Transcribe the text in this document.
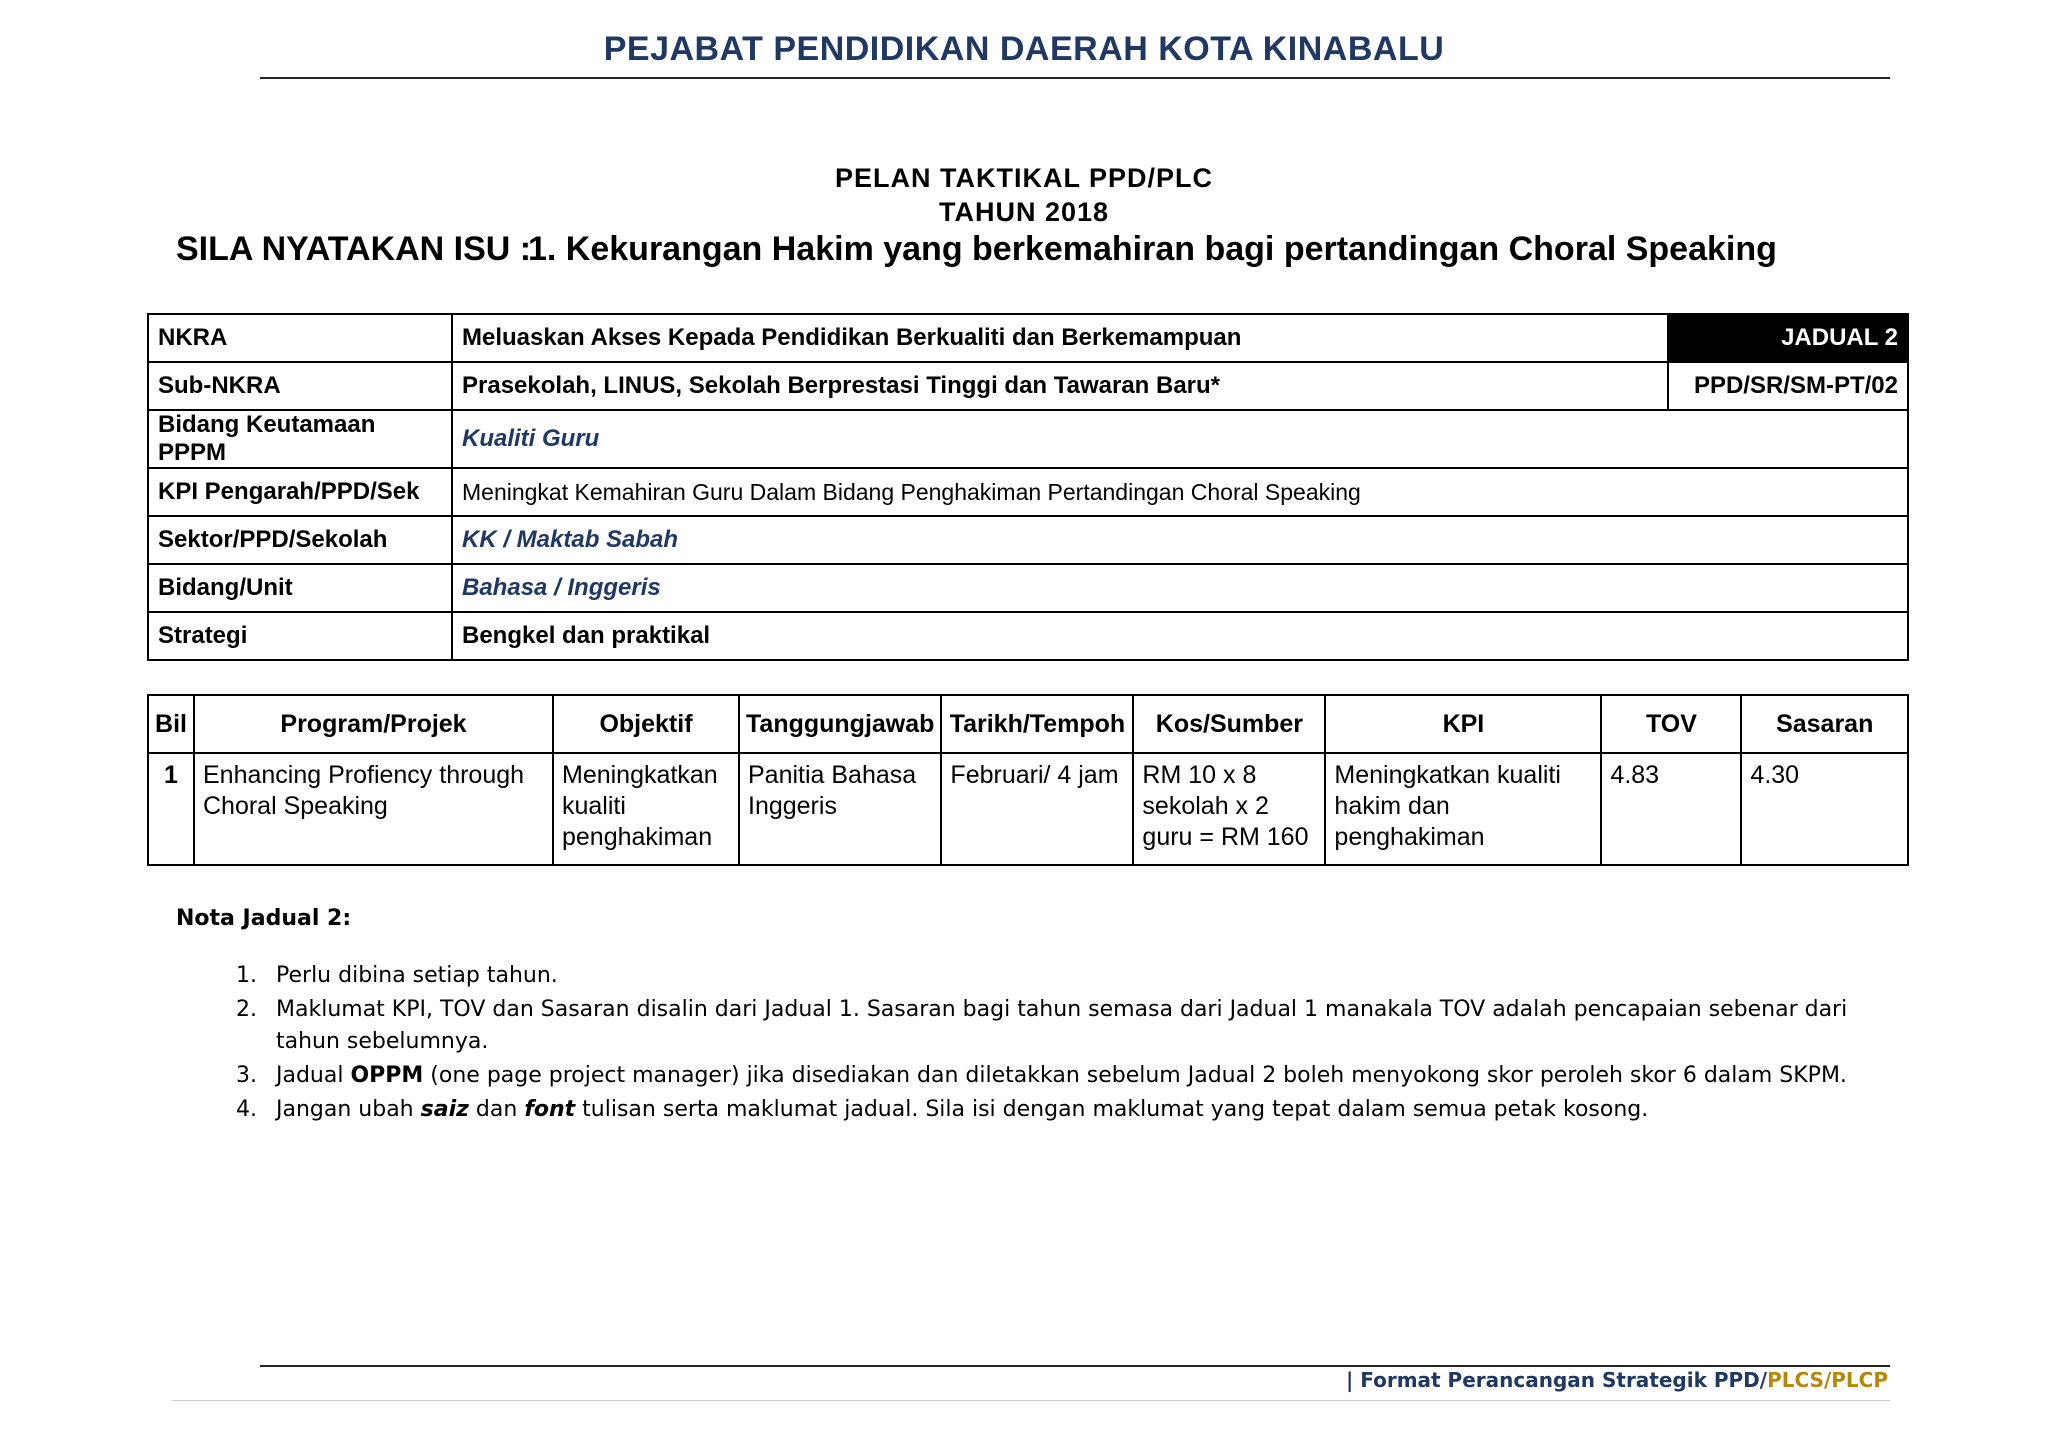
PEJABAT PENDIDIKAN DAERAH KOTA KINABALU
PELAN TAKTIKAL PPD/PLC
TAHUN 2018
SILA NYATAKAN ISU :
1. Kekurangan Hakim yang berkemahiran bagi pertandingan Choral Speaking
NKRA	Meluaskan Akses Kepada Pendidikan Berkualiti dan Berkemampuan	JADUAL 2
Sub-NKRA	Prasekolah, LINUS, Sekolah Berprestasi Tinggi dan Tawaran Baru*	PPD/SR/SM-PT/02
Bidang Keutamaan PPPM	Kualiti Guru	
KPI Pengarah/PPD/Sek	Meningkat Kemahiran Guru Dalam Bidang Penghakiman Pertandingan Choral Speaking	
Sektor/PPD/Sekolah	KK / Maktab Sabah	
Bidang/Unit	Bahasa / Inggeris	
Strategi	Bengkel dan praktikal	
Bil	Program/Projek	Objektif	Tanggungjawab	Tarikh/Tempoh	Kos/Sumber	KPI	TOV	Sasaran
1	Enhancing Profiency through Choral Speaking	Meningkatkan kualiti penghakiman	Panitia Bahasa Inggeris	Februari/ 4 jam	RM 10 x 8 sekolah x 2 guru = RM 160	Meningkatkan kualiti hakim dan penghakiman	4.83	4.30
Nota Jadual 2:
1. Perlu dibina setiap tahun.
2. Maklumat KPI, TOV dan Sasaran disalin dari Jadual 1. Sasaran bagi tahun semasa dari Jadual 1 manakala TOV adalah pencapaian sebenar dari tahun sebelumnya.
3. Jadual OPPM (one page project manager) jika disediakan dan diletakkan sebelum Jadual 2 boleh menyokong skor peroleh skor 6 dalam SKPM.
4. Jangan ubah saiz dan font tulisan serta maklumat jadual. Sila isi dengan maklumat yang tepat dalam semua petak kosong.
| Format Perancangan Strategik PPD/PLCS/PLCP
